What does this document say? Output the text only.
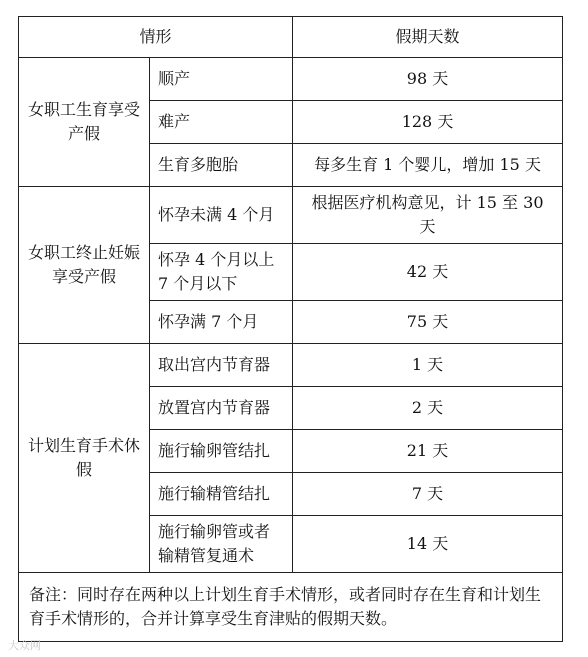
情形		假期天数
女职工生育享受产假	顺产	98 天
	难产	128 天
	生育多胞胎	每多生育 1 个婴儿，增加 15 天
女职工终止妊娠享受产假	怀孕未满 4 个月	根据医疗机构意见，计 15 至 30 天
	怀孕 4 个月以上 7 个月以下	42 天
	怀孕满 7 个月	75 天
计划生育手术休假	取出宫内节育器	1 天
	放置宫内节育器	2 天
	施行输卵管结扎	21 天
	施行输精管结扎	7 天
	施行输卵管或者输精管复通术	14 天
备注：同时存在两种以上计划生育手术情形，或者同时存在生育和计划生育手术情形的，合并计算享受生育津贴的假期天数。		
大众网
